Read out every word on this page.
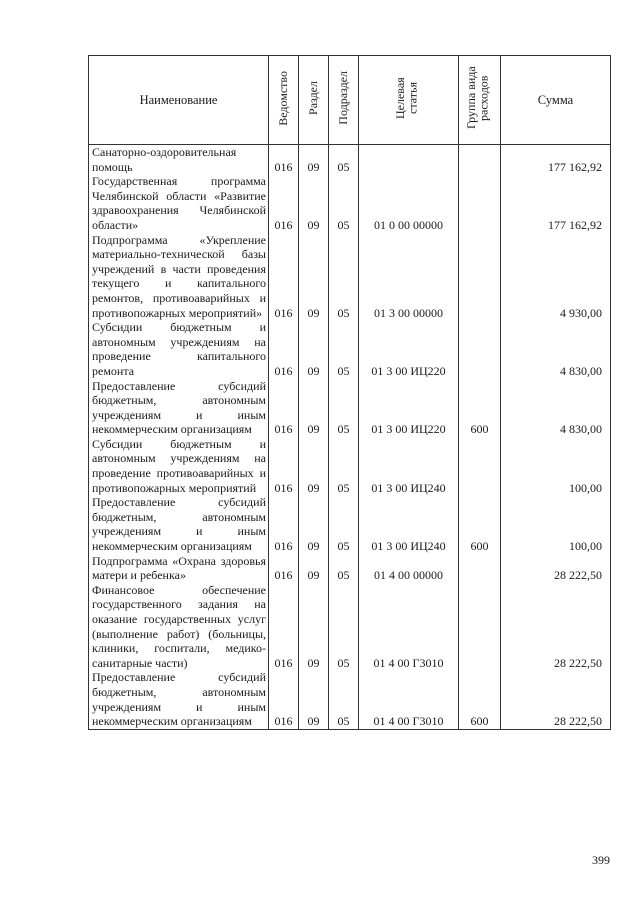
Наименование	Ведомство	Раздел	Подраздел	Целевая статья	Группа вида расходов	Сумма
Санаторно-оздоровительная помощь	016	09	05			177 162,92
Государственная программа Челябинской области «Развитие здравоохранения Челябинской области»	016	09	05	01 0 00 00000		177 162,92
Подпрограмма «Укрепление материально-технической базы учреждений в части проведения текущего и капитального ремонтов, противоаварийных и противопожарных мероприятий»	016	09	05	01 3 00 00000		4 930,00
Субсидии бюджетным и автономным учреждениям на проведение капитального ремонта	016	09	05	01 3 00 ИЦ220		4 830,00
Предоставление субсидий бюджетным, автономным учреждениям и иным некоммерческим организациям	016	09	05	01 3 00 ИЦ220	600	4 830,00
Субсидии бюджетным и автономным учреждениям на проведение противоаварийных и противопожарных мероприятий	016	09	05	01 3 00 ИЦ240		100,00
Предоставление субсидий бюджетным, автономным учреждениям и иным некоммерческим организациям	016	09	05	01 3 00 ИЦ240	600	100,00
Подпрограмма «Охрана здоровья матери и ребенка»	016	09	05	01 4 00 00000		28 222,50
Финансовое обеспечение государственного задания на оказание государственных услуг (выполнение работ) (больницы, клиники, госпитали, медико-санитарные части)	016	09	05	01 4 00 Г3010		28 222,50
Предоставление субсидий бюджетным, автономным учреждениям и иным некоммерческим организациям	016	09	05	01 4 00 Г3010	600	28 222,50
399
